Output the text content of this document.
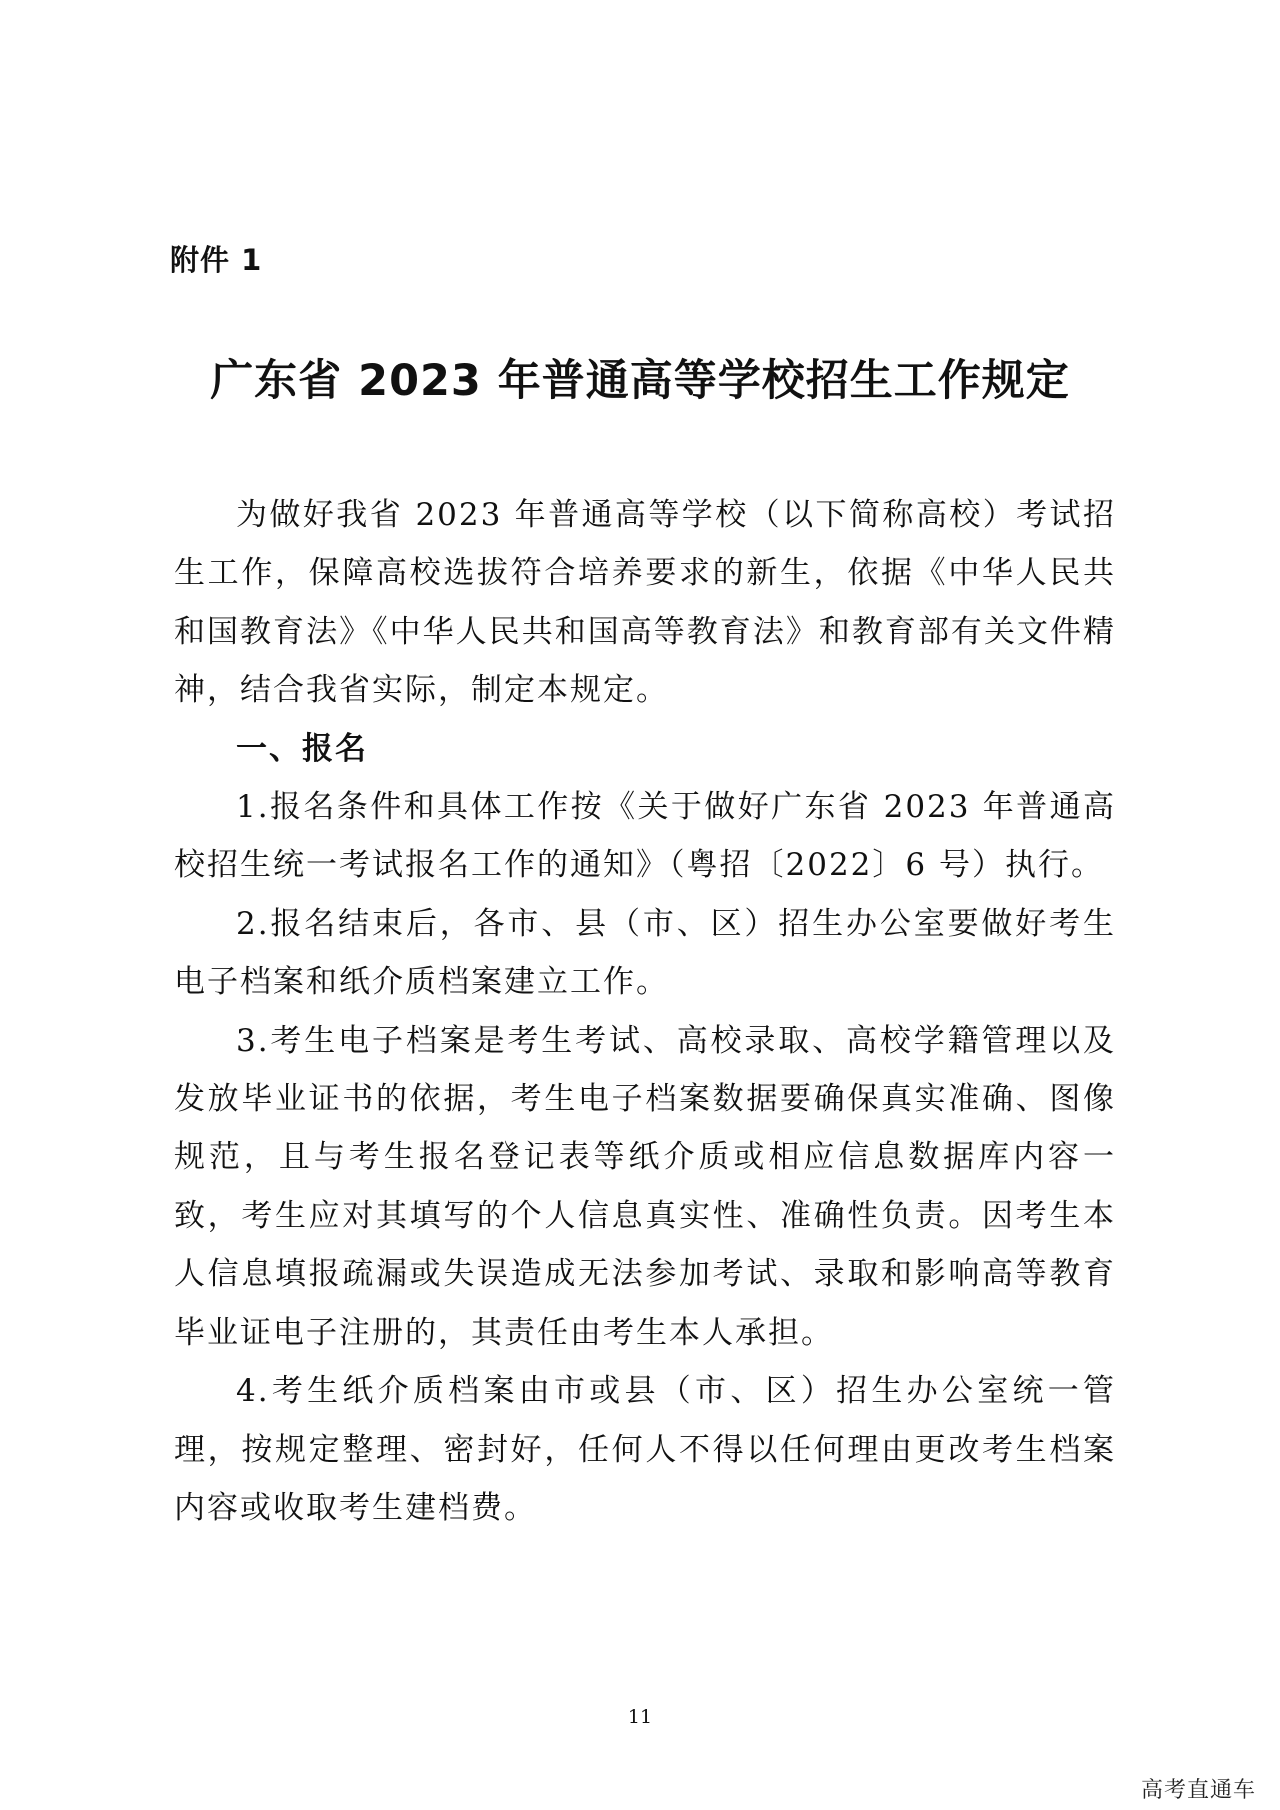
附件 1
广东省 2023 年普通高等学校招生工作规定

为做好我省 2023 年普通高等学校（以下简称高校）考试招生工作，保障高校选拔符合培养要求的新生，依据《中华人民共和国教育法》《中华人民共和国高等教育法》和教育部有关文件精神，结合我省实际，制定本规定。

一、报名

1.报名条件和具体工作按《关于做好广东省 2023 年普通高校招生统一考试报名工作的通知》（粤招〔2022〕6 号）执行。

2.报名结束后，各市、县（市、区）招生办公室要做好考生电子档案和纸介质档案建立工作。

3.考生电子档案是考生考试、高校录取、高校学籍管理以及发放毕业证书的依据，考生电子档案数据要确保真实准确、图像规范，且与考生报名登记表等纸介质或相应信息数据库内容一致，考生应对其填写的个人信息真实性、准确性负责。因考生本人信息填报疏漏或失误造成无法参加考试、录取和影响高等教育毕业证电子注册的，其责任由考生本人承担。

4.考生纸介质档案由市或县（市、区）招生办公室统一管理，按规定整理、密封好，任何人不得以任何理由更改考生档案内容或收取考生建档费。

11
高考直通车
